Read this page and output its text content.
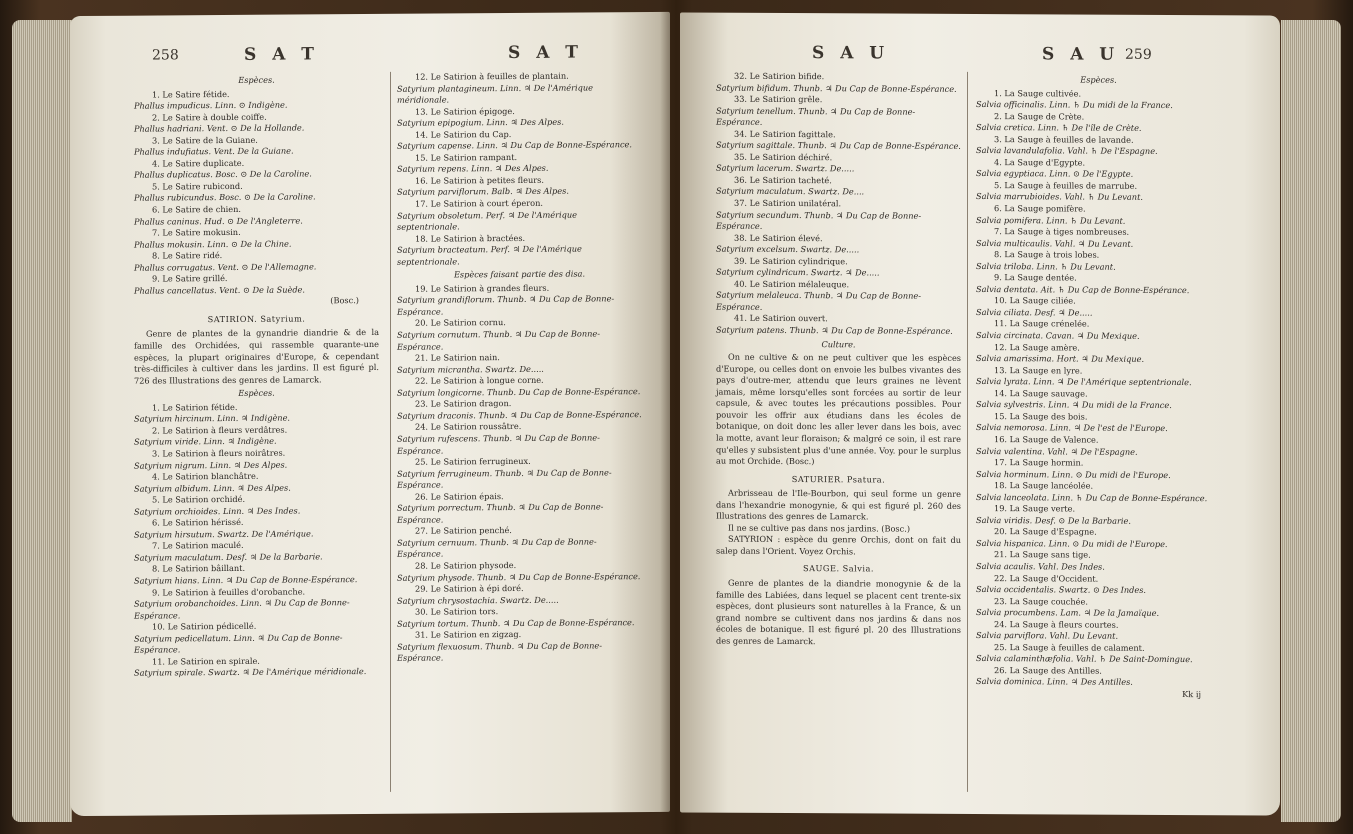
258	S A T	S A T

Espèces.

1. Le Satire fétide.

Phallus impudicus. Linn. ⊙ Indigène.

2. Le Satire à double coiffe.

Phallus hadriani. Vent. ⊙ De la Hollande.

3. Le Satire de la Guiane.

Phallus indufiatus. Vent. De la Guiane.

4. Le Satire duplicate.

Phallus duplicatus. Bosc. ⊙ De la Caroline.

5. Le Satire rubicond.

Phallus rubicundus. Bosc. ⊙ De la Caroline.

6. Le Satire de chien.

Phallus caninus. Hud. ⊙ De l'Angleterre.

7. Le Satire mokusin.

Phallus mokusin. Linn. ⊙ De la Chine.

8. Le Satire ridé.

Phallus corrugatus. Vent. ⊙ De l'Allemagne.

9. Le Satire grillé.

Phallus cancellatus. Vent. ⊙ De la Suède.

(Bosc.)

SATIRION. Satyrium.

Genre de plantes de la gynandrie diandrie & de la famille des Orchidées, qui rassemble quarante-une espèces, la plupart originaires d'Europe, & cependant très-difficiles à cultiver dans les jardins. Il est figuré pl. 726 des Illustrations des genres de Lamarck.

Espèces.

1. Le Satirion fétide.

Satyrium hircinum. Linn. ♃ Indigène.

2. Le Satirion à fleurs verdâtres.

Satyrium viride. Linn. ♃ Indigène.

3. Le Satirion à fleurs noirâtres.

Satyrium nigrum. Linn. ♃ Des Alpes.

4. Le Satirion blanchâtre.

Satyrium albidum. Linn. ♃ Des Alpes.

5. Le Satirion orchidé.

Satyrium orchioides. Linn. ♃ Des Indes.

6. Le Satirion hérissé.

Satyrium hirsutum. Swartz. De l'Amérique.

7. Le Satirion maculé.

Satyrium maculatum. Desf. ♃ De la Barbarie.

8. Le Satirion bâillant.

Satyrium hians. Linn. ♃ Du Cap de Bonne-Espérance.

9. Le Satirion à feuilles d'orobanche.

Satyrium orobanchoides. Linn. ♃ Du Cap de Bonne-Espérance.

10. Le Satirion pédicellé.

Satyrium pedicellatum. Linn. ♃ Du Cap de Bonne-Espérance.

11. Le Satirion en spirale.

Satyrium spirale. Swartz. ♃ De l'Amérique méridionale.

12. Le Satirion à feuilles de plantain.

Satyrium plantagineum. Linn. ♃ De l'Amérique méridionale.

13. Le Satirion épigoge.

Satyrium epipogium. Linn. ♃ Des Alpes.

14. Le Satirion du Cap.

Satyrium capense. Linn. ♃ Du Cap de Bonne-Espérance.

15. Le Satirion rampant.

Satyrium repens. Linn. ♃ Des Alpes.

16. Le Satirion à petites fleurs.

Satyrium parviflorum. Balb. ♃ Des Alpes.

17. Le Satirion à court éperon.

Satyrium obsoletum. Perf. ♃ De l'Amérique septentrionale.

18. Le Satirion à bractées.

Satyrium bracteatum. Perf. ♃ De l'Amérique septentrionale.

Espèces faisant partie des disa.

19. Le Satirion à grandes fleurs.

Satyrium grandiflorum. Thunb. ♃ Du Cap de Bonne-Espérance.

20. Le Satirion cornu.

Satyrium cornutum. Thunb. ♃ Du Cap de Bonne-Espérance.

21. Le Satirion nain.

Satyrium micrantha. Swartz. De.....

22. Le Satirion à longue corne.

Satyrium longicorne. Thunb. Du Cap de Bonne-Espérance.

23. Le Satirion dragon.

Satyrium draconis. Thunb. ♃ Du Cap de Bonne-Espérance.

24. Le Satirion roussâtre.

Satyrium rufescens. Thunb. ♃ Du Cap de Bonne-Espérance.

25. Le Satirion ferrugineux.

Satyrium ferrugineum. Thunb. ♃ Du Cap de Bonne-Espérance.

26. Le Satirion épais.

Satyrium porrectum. Thunb. ♃ Du Cap de Bonne-Espérance.

27. Le Satirion penché.

Satyrium cernuum. Thunb. ♃ Du Cap de Bonne-Espérance.

28. Le Satirion physode.

Satyrium physode. Thunb. ♃ Du Cap de Bonne-Espérance.

29. Le Satirion à épi doré.

Satyrium chrysostachia. Swartz. De.....

30. Le Satirion tors.

Satyrium tortum. Thunb. ♃ Du Cap de Bonne-Espérance.

31. Le Satirion en zigzag.

Satyrium flexuosum. Thunb. ♃ Du Cap de Bonne-Espérance.

S A U	S A U 259

32. Le Satirion bifide.

Satyrium bifidum. Thunb. ♃ Du Cap de Bonne-Espérance.

33. Le Satirion grêle.

Satyrium tenellum. Thunb. ♃ Du Cap de Bonne-Espérance.

34. Le Satirion fagittale.

Satyrium sagittale. Thunb. ♃ Du Cap de Bonne-Espérance.

35. Le Satirion déchiré.

Satyrium lacerum. Swartz. De.....

36. Le Satirion tacheté.

Satyrium maculatum. Swartz. De....

37. Le Satirion unilatéral.

Satyrium secundum. Thunb. ♃ Du Cap de Bonne-Espérance.

38. Le Satirion élevé.

Satyrium excelsum. Swartz. De.....

39. Le Satirion cylindrique.

Satyrium cylindricum. Swartz. ♃ De.....

40. Le Satirion mélaleuque.

Satyrium melaleuca. Thunb. ♃ Du Cap de Bonne-Espérance.

41. Le Satirion ouvert.

Satyrium patens. Thunb. ♃ Du Cap de Bonne-Espérance.

Culture.

On ne cultive & on ne peut cultiver que les espèces d'Europe, ou celles dont on envoie les bulbes vivantes des pays d'outre-mer, attendu que leurs graines ne lèvent jamais, même lorsqu'elles sont forcées au sortir de leur capsule, & avec toutes les précautions possibles. Pour pouvoir les offrir aux étudians dans les écoles de botanique, on doit donc les aller lever dans les bois, avec la motte, avant leur floraison; & malgré ce soin, il est rare qu'elles y subsistent plus d'une année. Voy. pour le surplus au mot Orchide. (Bosc.)

SATURIER. Psatura.

Arbrisseau de l'Ile-Bourbon, qui seul forme un genre dans l'hexandrie monogynie, & qui est figuré pl. 260 des Illustrations des genres de Lamarck.

Il ne se cultive pas dans nos jardins. (Bosc.)

SATYRION : espèce du genre Orchis, dont on fait du salep dans l'Orient. Voyez Orchis.

SAUGE. Salvia.

Genre de plantes de la diandrie monogynie & de la famille des Labiées, dans lequel se placent cent trente-six espèces, dont plusieurs sont naturelles à la France, & un grand nombre se cultivent dans nos jardins & dans nos écoles de botanique. Il est figuré pl. 20 des Illustrations des genres de Lamarck.

Espèces.

1. La Sauge cultivée.

Salvia officinalis. Linn. ♄ Du midi de la France.

2. La Sauge de Crète.

Salvia cretica. Linn. ♄ De l'île de Crète.

3. La Sauge à feuilles de lavande.

Salvia lavandulafolia. Vahl. ♄ De l'Espagne.

4. La Sauge d'Egypte.

Salvia egyptiaca. Linn. ⊙ De l'Egypte.

5. La Sauge à feuilles de marrube.

Salvia marrubioides. Vahl. ♄ Du Levant.

6. La Sauge pomifère.

Salvia pomifera. Linn. ♄ Du Levant.

7. La Sauge à tiges nombreuses.

Salvia multicaulis. Vahl. ♃ Du Levant.

8. La Sauge à trois lobes.

Salvia triloba. Linn. ♄ Du Levant.

9. La Sauge dentée.

Salvia dentata. Ait. ♄ Du Cap de Bonne-Espérance.

10. La Sauge ciliée.

Salvia ciliata. Desf. ♃ De.....

11. La Sauge crénelée.

Salvia circinata. Cavan. ♃ Du Mexique.

12. La Sauge amère.

Salvia amarissima. Hort. ♃ Du Mexique.

13. La Sauge en lyre.

Salvia lyrata. Linn. ♃ De l'Amérique septentrionale.

14. La Sauge sauvage.

Salvia sylvestris. Linn. ♃ Du midi de la France.

15. La Sauge des bois.

Salvia nemorosa. Linn. ♃ De l'est de l'Europe.

16. La Sauge de Valence.

Salvia valentina. Vahl. ♃ De l'Espagne.

17. La Sauge hormin.

Salvia horminum. Linn. ⊙ Du midi de l'Europe.

18. La Sauge lancéolée.

Salvia lanceolata. Linn. ♄ Du Cap de Bonne-Espérance.

19. La Sauge verte.

Salvia viridis. Desf. ⊙ De la Barbarie.

20. La Sauge d'Espagne.

Salvia hispanica. Linn. ⊙ Du midi de l'Europe.

21. La Sauge sans tige.

Salvia acaulis. Vahl. Des Indes.

22. La Sauge d'Occident.

Salvia occidentalis. Swartz. ⊙ Des Indes.

23. La Sauge couchée.

Salvia procumbens. Lam. ♃ De la Jamaïque.

24. La Sauge à fleurs courtes.

Salvia parviflora. Vahl. Du Levant.

25. La Sauge à feuilles de calament.

Salvia calaminthæfolia. Vahl. ♄ De Saint-Domingue.

26. La Sauge des Antilles.

Salvia dominica. Linn. ♃ Des Antilles.

Kk ij
